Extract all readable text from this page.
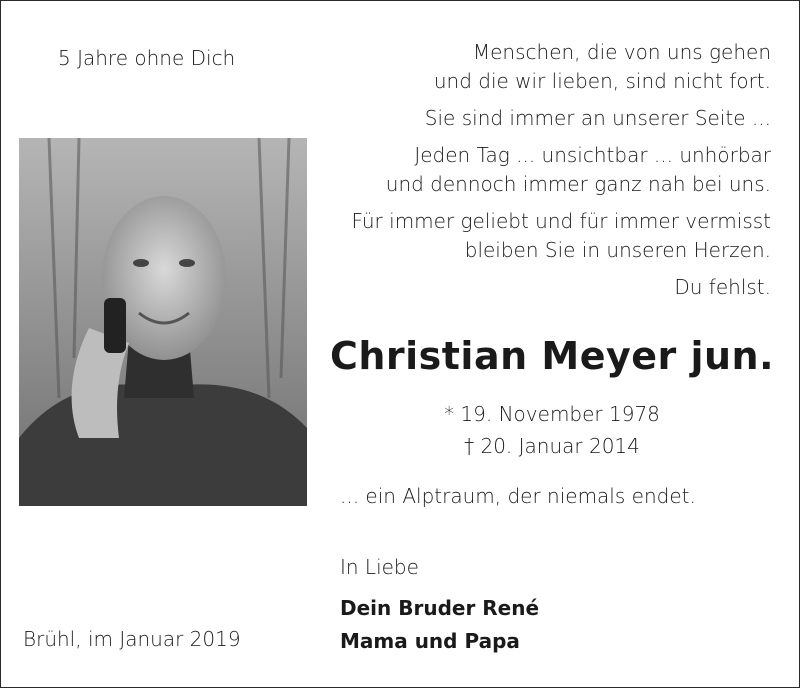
5 Jahre ohne Dich	Menschen, die von uns gehen
und die wir lieben, sind nicht fort.

Sie sind immer an unserer Seite ...

Jeden Tag ... unsichtbar ... unhörbar
und dennoch immer ganz nah bei uns.

Für immer geliebt und für immer vermisst
bleiben Sie in unseren Herzen.

Du fehlst.

Christian Meyer jun.
* 19. November 1978
† 20. Januar 2014
... ein Alptraum, der niemals endet.
In Liebe
Dein Bruder René
Mama und Papa
Brühl, im Januar 2019
